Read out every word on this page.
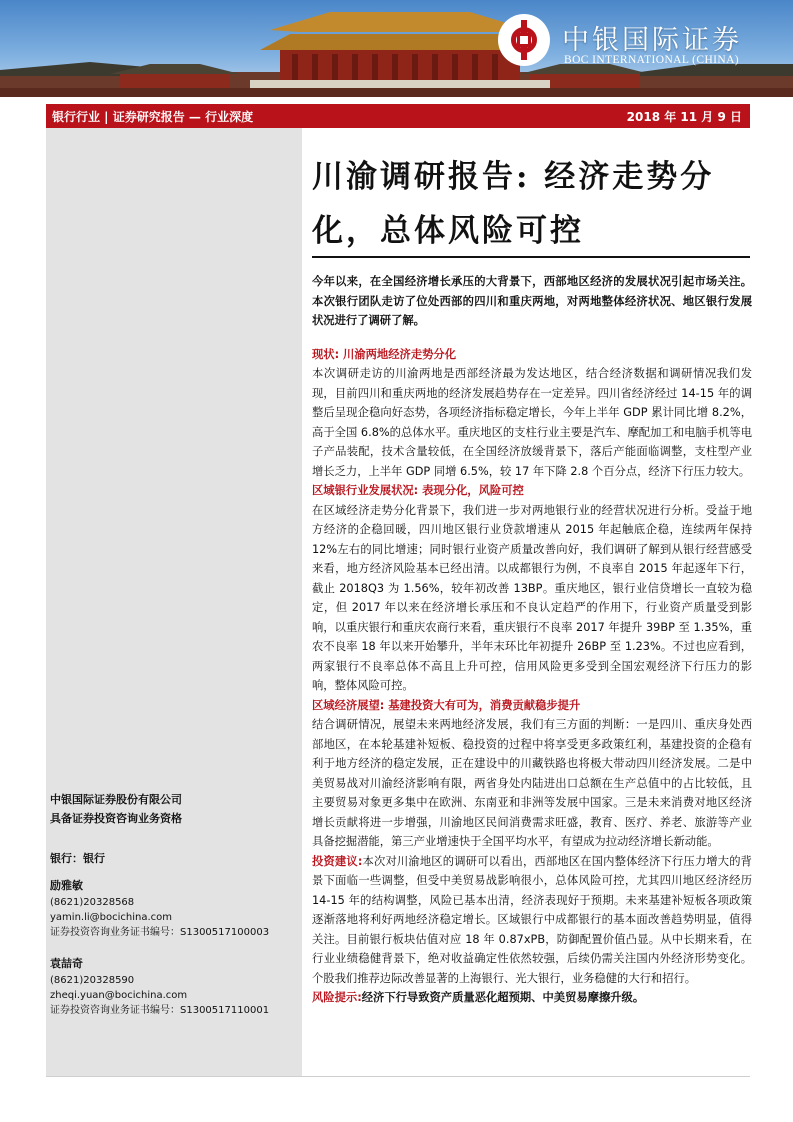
中银国际证券
BOC INTERNATIONAL (CHINA)
银行行业 | 证券研究报告 — 行业深度	2018 年 11 月 9 日
中银国际证券股份有限公司
具备证券投资咨询业务资格
银行：银行
励雅敏
(8621)20328568
yamin.li@bocichina.com
证券投资咨询业务证书编号：S1300517100003
袁喆奇
(8621)20328590
zheqi.yuan@bocichina.com
证券投资咨询业务证书编号：S1300517110001
川渝调研报告: 经济走势分
化，总体风险可控

今年以来，在全国经济增长承压的大背景下，西部地区经济的发展状况引起市场关注。本次银行团队走访了位处西部的四川和重庆两地，对两地整体经济状况、地区银行发展状况进行了调研了解。

现状: 川渝两地经济走势分化

本次调研走访的川渝两地是西部经济最为发达地区，结合经济数据和调研情况我们发现，目前四川和重庆两地的经济发展趋势存在一定差异。四川省经济经过 14-15 年的调整后呈现企稳向好态势，各项经济指标稳定增长，今年上半年 GDP 累计同比增 8.2%，高于全国 6.8%的总体水平。重庆地区的支柱行业主要是汽车、摩配加工和电脑手机等电子产品装配，技术含量较低，在全国经济放缓背景下，落后产能面临调整，支柱型产业增长乏力，上半年 GDP 同增 6.5%，较 17 年下降 2.8 个百分点，经济下行压力较大。

区域银行业发展状况: 表现分化，风险可控

在区域经济走势分化背景下，我们进一步对两地银行业的经营状况进行分析。受益于地方经济的企稳回暖，四川地区银行业贷款增速从 2015 年起触底企稳，连续两年保持 12%左右的同比增速；同时银行业资产质量改善向好，我们调研了解到从银行经营感受来看，地方经济风险基本已经出清。以成都银行为例，不良率自 2015 年起逐年下行，截止 2018Q3 为 1.56%，较年初改善 13BP。重庆地区，银行业信贷增长一直较为稳定，但 2017 年以来在经济增长承压和不良认定趋严的作用下，行业资产质量受到影响，以重庆银行和重庆农商行来看，重庆银行不良率 2017 年提升 39BP 至 1.35%，重农不良率 18 年以来开始攀升，半年末环比年初提升 26BP 至 1.23%。不过也应看到，两家银行不良率总体不高且上升可控，信用风险更多受到全国宏观经济下行压力的影响，整体风险可控。

区域经济展望: 基建投资大有可为，消费贡献稳步提升

结合调研情况，展望未来两地经济发展，我们有三方面的判断：一是四川、重庆身处西部地区，在本轮基建补短板、稳投资的过程中将享受更多政策红利，基建投资的企稳有利于地方经济的稳定发展，正在建设中的川藏铁路也将极大带动四川经济发展。二是中美贸易战对川渝经济影响有限，两省身处内陆进出口总额在生产总值中的占比较低，且主要贸易对象更多集中在欧洲、东南亚和非洲等发展中国家。三是未来消费对地区经济增长贡献将进一步增强，川渝地区民间消费需求旺盛，教育、医疗、养老、旅游等产业具备挖掘潜能，第三产业增速快于全国平均水平，有望成为拉动经济增长新动能。

投资建议:本次对川渝地区的调研可以看出，西部地区在国内整体经济下行压力增大的背景下面临一些调整，但受中美贸易战影响很小，总体风险可控，尤其四川地区经济经历 14-15 年的结构调整，风险已基本出清，经济表现好于预期。未来基建补短板各项政策逐渐落地将利好两地经济稳定增长。区域银行中成都银行的基本面改善趋势明显，值得关注。目前银行板块估值对应 18 年 0.87xPB，防御配置价值凸显。从中长期来看，在行业业绩稳健背景下，绝对收益确定性依然较强，后续仍需关注国内外经济形势变化。个股我们推荐边际改善显著的上海银行、光大银行，业务稳健的大行和招行。

风险提示:经济下行导致资产质量恶化超预期、中美贸易摩擦升级。
